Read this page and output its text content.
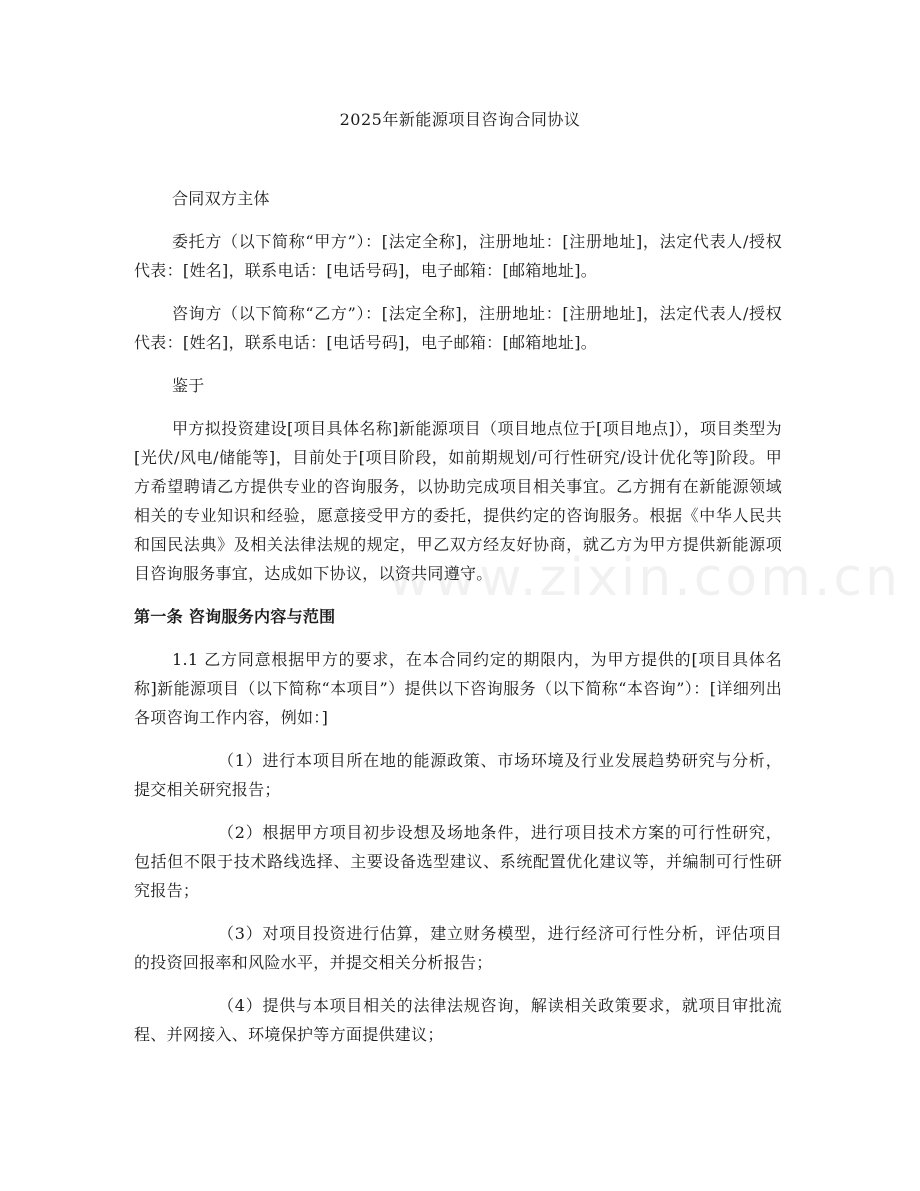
www.zixin.com.cn
2025年新能源项目咨询合同协议

合同双方主体

委托方（以下简称“甲方”）：[法定全称]，注册地址：[注册地址]，法定代表人/授权代表：[姓名]，联系电话：[电话号码]，电子邮箱：[邮箱地址]。

咨询方（以下简称“乙方”）：[法定全称]，注册地址：[注册地址]，法定代表人/授权代表：[姓名]，联系电话：[电话号码]，电子邮箱：[邮箱地址]。

鉴于

甲方拟投资建设[项目具体名称]新能源项目（项目地点位于[项目地点]），项目类型为[光伏/风电/储能等]，目前处于[项目阶段，如前期规划/可行性研究/设计优化等]阶段。甲方希望聘请乙方提供专业的咨询服务，以协助完成项目相关事宜。乙方拥有在新能源领域相关的专业知识和经验，愿意接受甲方的委托，提供约定的咨询服务。根据《中华人民共和国民法典》及相关法律法规的规定，甲乙双方经友好协商，就乙方为甲方提供新能源项目咨询服务事宜，达成如下协议，以资共同遵守。

第一条 咨询服务内容与范围

1.1 乙方同意根据甲方的要求，在本合同约定的期限内，为甲方提供的[项目具体名称]新能源项目（以下简称“本项目”）提供以下咨询服务（以下简称“本咨询”）：[详细列出各项咨询工作内容，例如：]

（1）进行本项目所在地的能源政策、市场环境及行业发展趋势研究与分析，提交相关研究报告；

（2）根据甲方项目初步设想及场地条件，进行项目技术方案的可行性研究，包括但不限于技术路线选择、主要设备选型建议、系统配置优化建议等，并编制可行性研究报告；

（3）对项目投资进行估算，建立财务模型，进行经济可行性分析，评估项目的投资回报率和风险水平，并提交相关分析报告；

（4）提供与本项目相关的法律法规咨询，解读相关政策要求，就项目审批流程、并网接入、环境保护等方面提供建议；
